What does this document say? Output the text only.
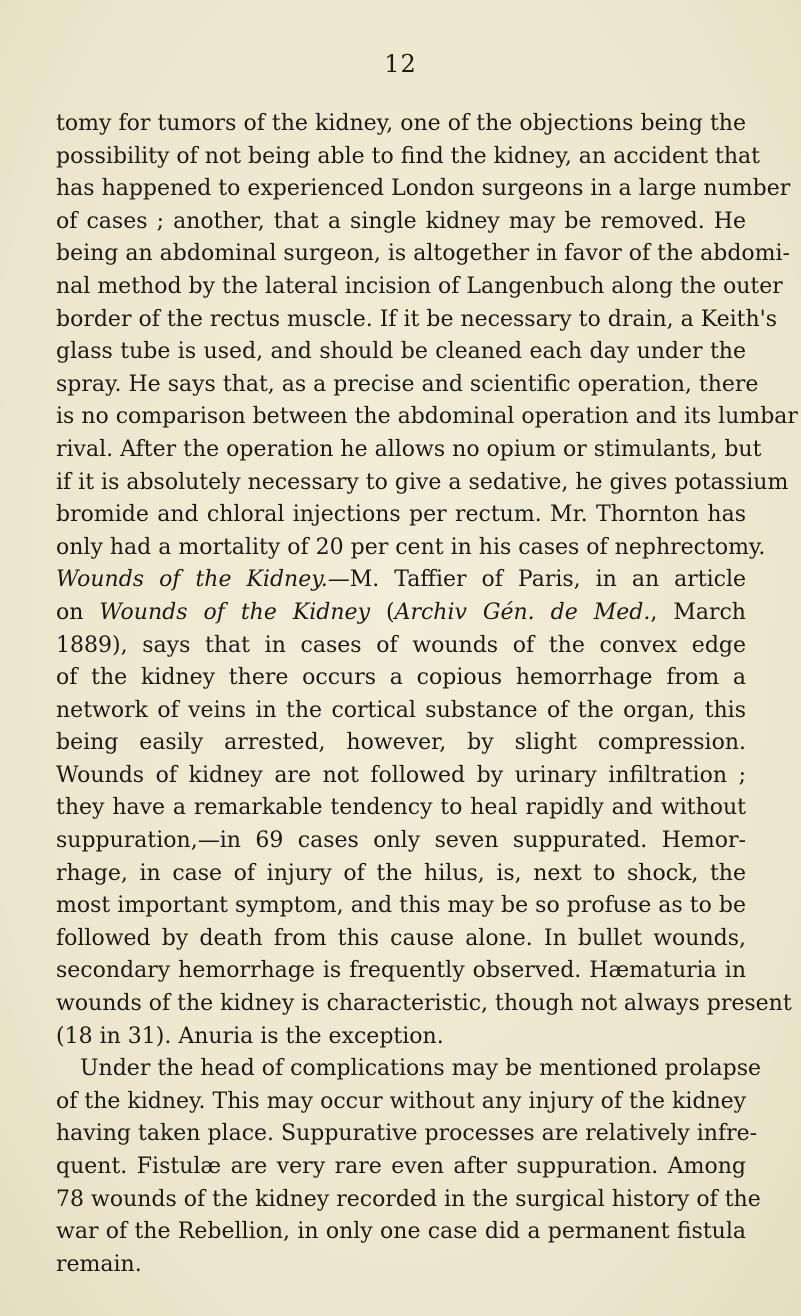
12
tomy for tumors of the kidney, one of the objections being the
possibility of not being able to find the kidney, an accident that
has happened to experienced London surgeons in a large number
of cases ; another, that a single kidney may be removed. He
being an abdominal surgeon, is altogether in favor of the abdomi-
nal method by the lateral incision of Langenbuch along the outer
border of the rectus muscle. If it be necessary to drain, a Keith's
glass tube is used, and should be cleaned each day under the
spray. He says that, as a precise and scientific operation, there
is no comparison between the abdominal operation and its lumbar
rival. After the operation he allows no opium or stimulants, but
if it is absolutely necessary to give a sedative, he gives potassium
bromide and chloral injections per rectum. Mr. Thornton has
only had a mortality of 20 per cent in his cases of nephrectomy.
Wounds of the Kidney.—M. Taffier of Paris, in an article
on Wounds of the Kidney (Archiv Gén. de Med., March
1889), says that in cases of wounds of the convex edge
of the kidney there occurs a copious hemorrhage from a
network of veins in the cortical substance of the organ, this
being easily arrested, however, by slight compression.
Wounds of kidney are not followed by urinary infiltration ;
they have a remarkable tendency to heal rapidly and without
suppuration,—in 69 cases only seven suppurated. Hemor-
rhage, in case of injury of the hilus, is, next to shock, the
most important symptom, and this may be so profuse as to be
followed by death from this cause alone. In bullet wounds,
secondary hemorrhage is frequently observed. Hæmaturia in
wounds of the kidney is characteristic, though not always present
(18 in 31). Anuria is the exception.
Under the head of complications may be mentioned prolapse
of the kidney. This may occur without any injury of the kidney
having taken place. Suppurative processes are relatively infre-
quent. Fistulæ are very rare even after suppuration. Among
78 wounds of the kidney recorded in the surgical history of the
war of the Rebellion, in only one case did a permanent fistula
remain.
